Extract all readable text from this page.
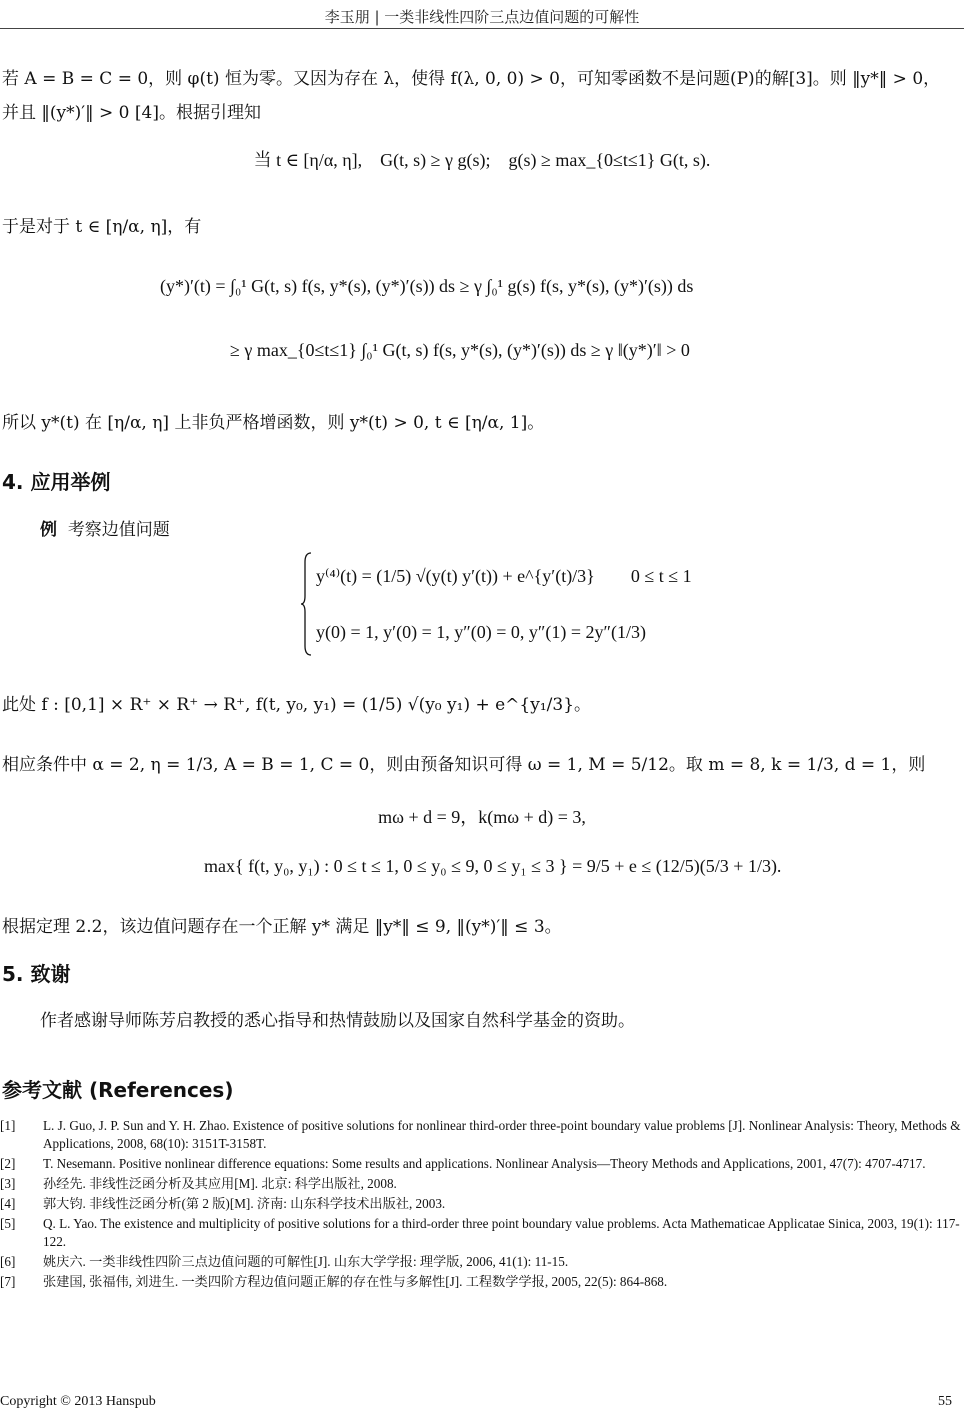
李玉朋 | 一类非线性四阶三点边值问题的可解性
若 A = B = C = 0，则 φ(t) 恒为零。又因为存在 λ，使得 f(λ, 0, 0) > 0，可知零函数不是问题(P)的解[3]。则 ‖y*‖ > 0，
并且 ‖(y*)′‖ > 0 [4]。根据引理知
当 t ∈ [η/α, η],　G(t, s) ≥ γ g(s);　g(s) ≥ max_{0≤t≤1} G(t, s).
于是对于 t ∈ [η/α, η]，有
(y*)′(t) = ∫₀¹ G(t, s) f(s, y*(s), (y*)′(s)) ds ≥ γ ∫₀¹ g(s) f(s, y*(s), (y*)′(s)) ds
≥ γ max_{0≤t≤1} ∫₀¹ G(t, s) f(s, y*(s), (y*)′(s)) ds ≥ γ ‖(y*)′‖ > 0
所以 y*(t) 在 [η/α, η] 上非负严格增函数，则 y*(t) > 0, t ∈ [η/α, 1]。
4. 应用举例
例 考察边值问题
y⁽⁴⁾(t) = (1/5) √(y(t) y′(t)) + e^{y′(t)/3}　　0 ≤ t ≤ 1
y(0) = 1, y′(0) = 1, y″(0) = 0, y″(1) = 2y″(1/3)
此处 f : [0,1] × R⁺ × R⁺ → R⁺, f(t, y₀, y₁) = (1/5) √(y₀ y₁) + e^{y₁/3}。
相应条件中 α = 2, η = 1/3, A = B = 1, C = 0，则由预备知识可得 ω = 1, M = 5/12。取 m = 8, k = 1/3, d = 1，则
mω + d = 9，k(mω + d) = 3,
max{ f(t, y₀, y₁) : 0 ≤ t ≤ 1, 0 ≤ y₀ ≤ 9, 0 ≤ y₁ ≤ 3 } = 9/5 + e ≤ (12/5)(5/3 + 1/3).
根据定理 2.2，该边值问题存在一个正解 y* 满足 ‖y*‖ ≤ 9, ‖(y*)′‖ ≤ 3。
5. 致谢
作者感谢导师陈芳启教授的悉心指导和热情鼓励以及国家自然科学基金的资助。
参考文献 (References)
[1] L. J. Guo, J. P. Sun and Y. H. Zhao. Existence of positive solutions for nonlinear third-order three-point boundary value problems [J]. Nonlinear Analysis: Theory, Methods & Applications, 2008, 68(10): 3151T-3158T.
[2] T. Nesemann. Positive nonlinear difference equations: Some results and applications. Nonlinear Analysis—Theory Methods and Applications, 2001, 47(7): 4707-4717.
[3] 孙经先. 非线性泛函分析及其应用[M]. 北京: 科学出版社, 2008.
[4] 郭大钧. 非线性泛函分析(第 2 版)[M]. 济南: 山东科学技术出版社, 2003.
[5] Q. L. Yao. The existence and multiplicity of positive solutions for a third-order three point boundary value problems. Acta Mathematicae Applicatae Sinica, 2003, 19(1): 117-122.
[6] 姚庆六. 一类非线性四阶三点边值问题的可解性[J]. 山东大学学报: 理学版, 2006, 41(1): 11-15.
[7] 张建国, 张福伟, 刘进生. 一类四阶方程边值问题正解的存在性与多解性[J]. 工程数学学报, 2005, 22(5): 864-868.
Copyright © 2013 Hanspub	55
